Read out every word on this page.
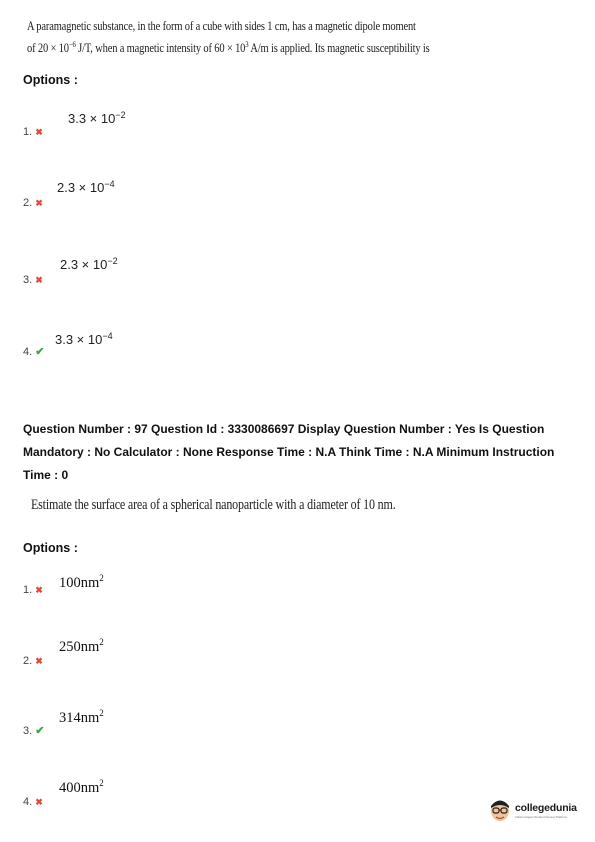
A paramagnetic substance, in the form of a cube with sides 1 cm, has a magnetic dipole moment
of $20 \times 10^{-6}$ J/T, when a magnetic intensity of $60 \times 10^3$ A/m is applied. Its magnetic susceptibility is
Options :
$3.3 \times 10^{-2}$
1. ✖
$2.3 \times 10^{-4}$
2. ✖
$2.3 \times 10^{-2}$
3. ✖
$3.3 \times 10^{-4}$
4. ✔
Question Number : 97 Question Id : 3330086697 Display Question Number : Yes Is Question
Mandatory : No Calculator : None Response Time : N.A Think Time : N.A Minimum Instruction
Time : 0
Estimate the surface area of a spherical nanoparticle with a diameter of 10 nm.
Options :
1. ✖ $100nm^2$
$250nm^2$
2. ✖
$314nm^2$
3. ✔
$400nm^2$
4. ✖	collegedunia
India's largest Student Review Platform
